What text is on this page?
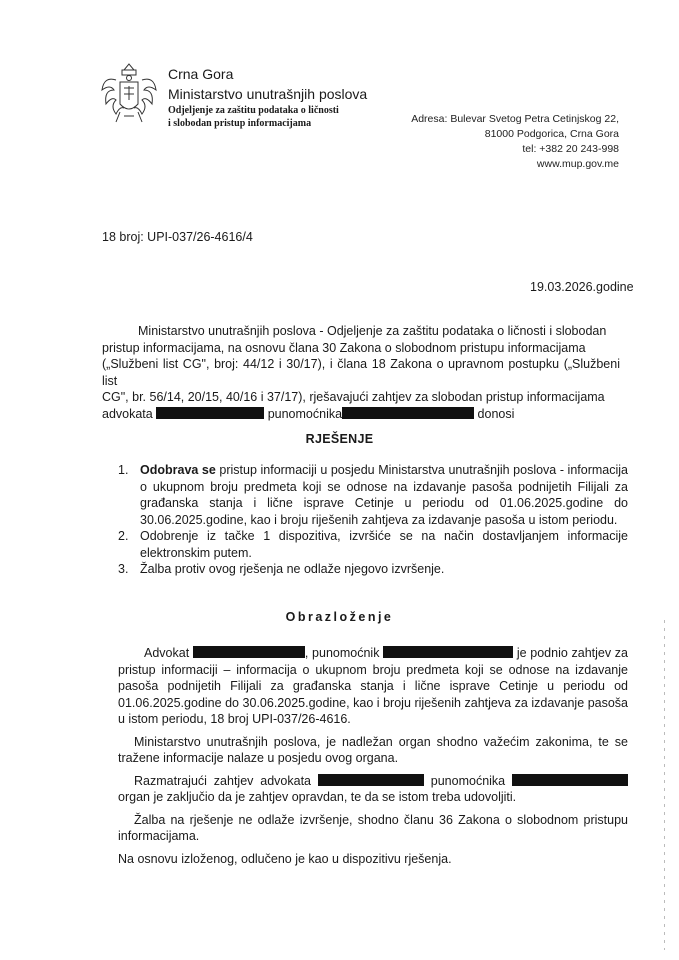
Crna Gora
Ministarstvo unutrašnjih poslova
Odjeljenje za zaštitu podataka o ličnosti
i slobodan pristup informacijama	Adresa: Bulevar Svetog Petra Cetinjskog 22,
81000 Podgorica, Crna Gora
tel: +382 20 243-998
www.mup.gov.me
18 broj: UPI-037/26-4616/4
19.03.2026.godine
Ministarstvo unutrašnjih poslova - Odjeljenje za zaštitu podataka o ličnosti i slobodan
pristup informacijama, na osnovu člana 30 Zakona o slobodnom pristupu informacijama
(„Službeni list CG", broj: 44/12 i 30/17), i člana 18 Zakona o upravnom postupku („Službeni list
CG", br. 56/14, 20/15, 40/16 i 37/17), rješavajući zahtjev za slobodan pristup informacijama
advokata	punomoćnika	donosi
RJEŠENJE
1. Odobrava se pristup informaciji u posjedu Ministarstva unutrašnjih poslova - informacija o ukupnom broju predmeta koji se odnose na izdavanje pasoša podnijetih Filijali za građanska stanja i lične isprave Cetinje u periodu od 01.06.2025.godine do 30.06.2025.godine, kao i broju riješenih zahtjeva za izdavanje pasoša u istom periodu.
2. Odobrenje iz tačke 1 dispozitiva, izvršiće se na način dostavljanjem informacije elektronskim putem.
3. Žalba protiv ovog rješenja ne odlaže njegovo izvršenje.
Obrazloženje

Advokat	, punomoćnik	je podnio zahtjev za pristup informaciji – informacija o ukupnom broju predmeta koji se odnose na izdavanje pasoša podnijetih Filijali za građanska stanja i lične isprave Cetinje u periodu od 01.06.2025.godine do 30.06.2025.godine, kao i broju riješenih zahtjeva za izdavanje pasoša u istom periodu, 18 broj UPI-037/26-4616.

Ministarstvo unutrašnjih poslova, je nadležan organ shodno važećim zakonima, te se tražene informacije nalaze u posjedu ovog organa.

Razmatrajući zahtjev advokata	punomoćnika  organ je zaključio da je zahtjev opravdan, te da se istom treba udovoljiti.

Žalba na rješenje ne odlaže izvršenje, shodno članu 36 Zakona o slobodnom pristupu informacijama.

Na osnovu izloženog, odlučeno je kao u dispozitivu rješenja.
